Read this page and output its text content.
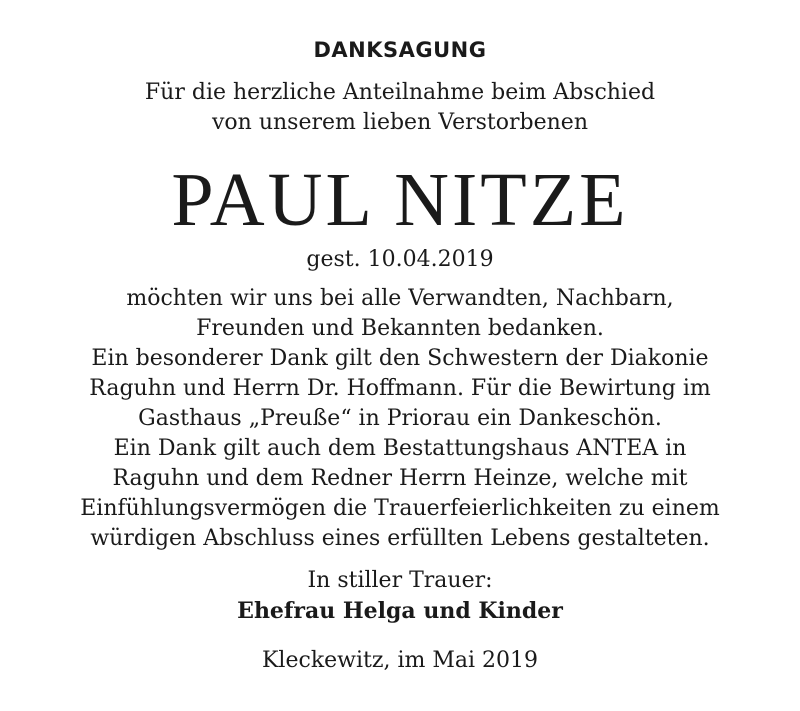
DANKSAGUNG
Für die herzliche Anteilnahme beim Abschied
von unserem lieben Verstorbenen
PAUL NITZE
gest. 10.04.2019
möchten wir uns bei alle Verwandten, Nachbarn,
Freunden und Bekannten bedanken.
Ein besonderer Dank gilt den Schwestern der Diakonie
Raguhn und Herrn Dr. Hoffmann. Für die Bewirtung im
Gasthaus „Preuße“ in Priorau ein Dankeschön.
Ein Dank gilt auch dem Bestattungshaus ANTEA in
Raguhn und dem Redner Herrn Heinze, welche mit
Einfühlungsvermögen die Trauerfeierlichkeiten zu einem
würdigen Abschluss eines erfüllten Lebens gestalteten.
In stiller Trauer:
Ehefrau Helga und Kinder
Kleckewitz, im Mai 2019
